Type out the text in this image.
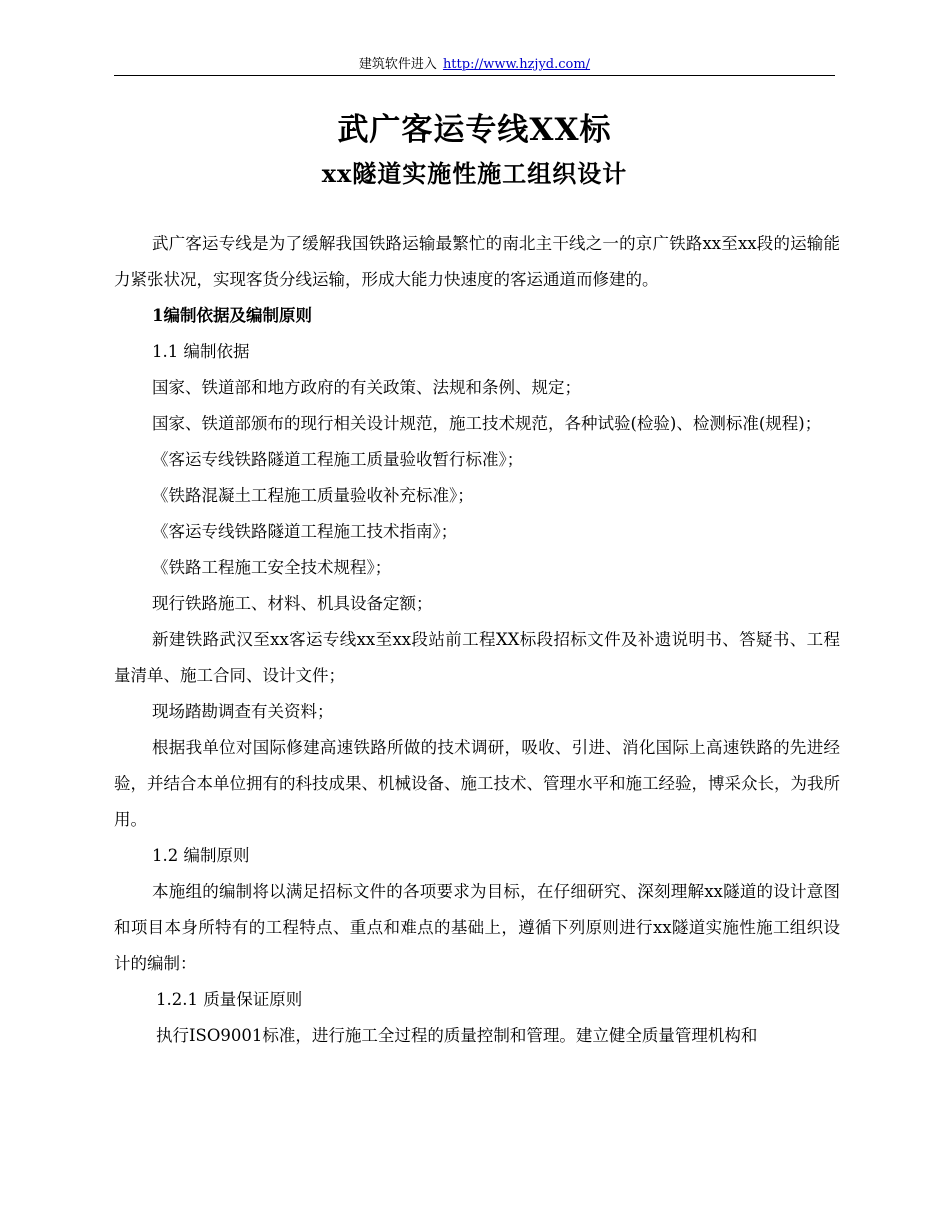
建筑软件进入 http://www.hzjyd.com/
武广客运专线XX标
xx隧道实施性施工组织设计

武广客运专线是为了缓解我国铁路运输最繁忙的南北主干线之一的京广铁路xx至xx段的运输能力紧张状况，实现客货分线运输，形成大能力快速度的客运通道而修建的。

1编制依据及编制原则

1.1 编制依据

国家、铁道部和地方政府的有关政策、法规和条例、规定；

国家、铁道部颁布的现行相关设计规范，施工技术规范，各种试验(检验)、检测标准(规程)；

《客运专线铁路隧道工程施工质量验收暂行标准》；

《铁路混凝土工程施工质量验收补充标准》；

《客运专线铁路隧道工程施工技术指南》；

《铁路工程施工安全技术规程》；

现行铁路施工、材料、机具设备定额；

新建铁路武汉至xx客运专线xx至xx段站前工程XX标段招标文件及补遗说明书、答疑书、工程量清单、施工合同、设计文件；

现场踏勘调查有关资料；

根据我单位对国际修建高速铁路所做的技术调研，吸收、引进、消化国际上高速铁路的先进经验，并结合本单位拥有的科技成果、机械设备、施工技术、管理水平和施工经验，博采众长，为我所用。

1.2 编制原则

本施组的编制将以满足招标文件的各项要求为目标，在仔细研究、深刻理解xx隧道的设计意图和项目本身所特有的工程特点、重点和难点的基础上，遵循下列原则进行xx隧道实施性施工组织设计的编制：

1.2.1 质量保证原则

执行ISO9001标准，进行施工全过程的质量控制和管理。建立健全质量管理机构和
